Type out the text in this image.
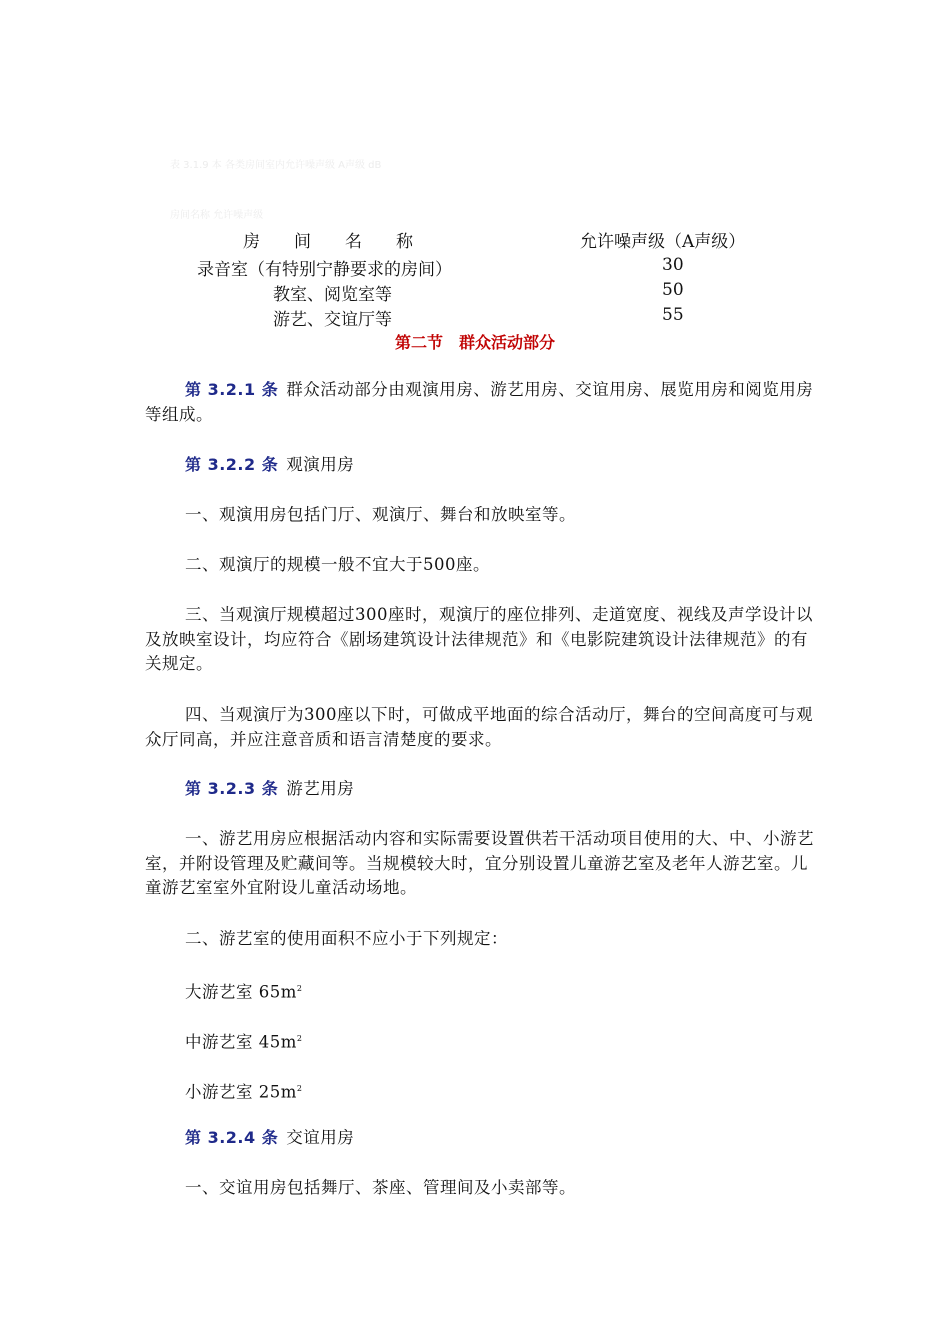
表 3.1.9 本 各类房间室内允许噪声级 A声级 dB
房间名称 允许噪声级
房　　间　　名　　称	允许噪声级（A声级）
录音室（有特别宁静要求的房间）	30
教室、阅览室等	50
游艺、交谊厅等	55
第二节　群众活动部分
第 3.2.1 条 群众活动部分由观演用房、游艺用房、交谊用房、展览用房和阅览用房等组成。
第 3.2.2 条 观演用房
一、观演用房包括门厅、观演厅、舞台和放映室等。
二、观演厅的规模一般不宜大于500座。
三、当观演厅规模超过300座时，观演厅的座位排列、走道宽度、视线及声学设计以及放映室设计，均应符合《剧场建筑设计法律规范》和《电影院建筑设计法律规范》的有关规定。
四、当观演厅为300座以下时，可做成平地面的综合活动厅，舞台的空间高度可与观众厅同高，并应注意音质和语言清楚度的要求。
第 3.2.3 条 游艺用房
一、游艺用房应根据活动内容和实际需要设置供若干活动项目使用的大、中、小游艺室，并附设管理及贮藏间等。当规模较大时，宜分别设置儿童游艺室及老年人游艺室。儿童游艺室室外宜附设儿童活动场地。
二、游艺室的使用面积不应小于下列规定：
大游艺室 $65m^2$
中游艺室 $45m^2$
小游艺室 $25m^2$
第 3.2.4 条 交谊用房
一、交谊用房包括舞厅、茶座、管理间及小卖部等。
